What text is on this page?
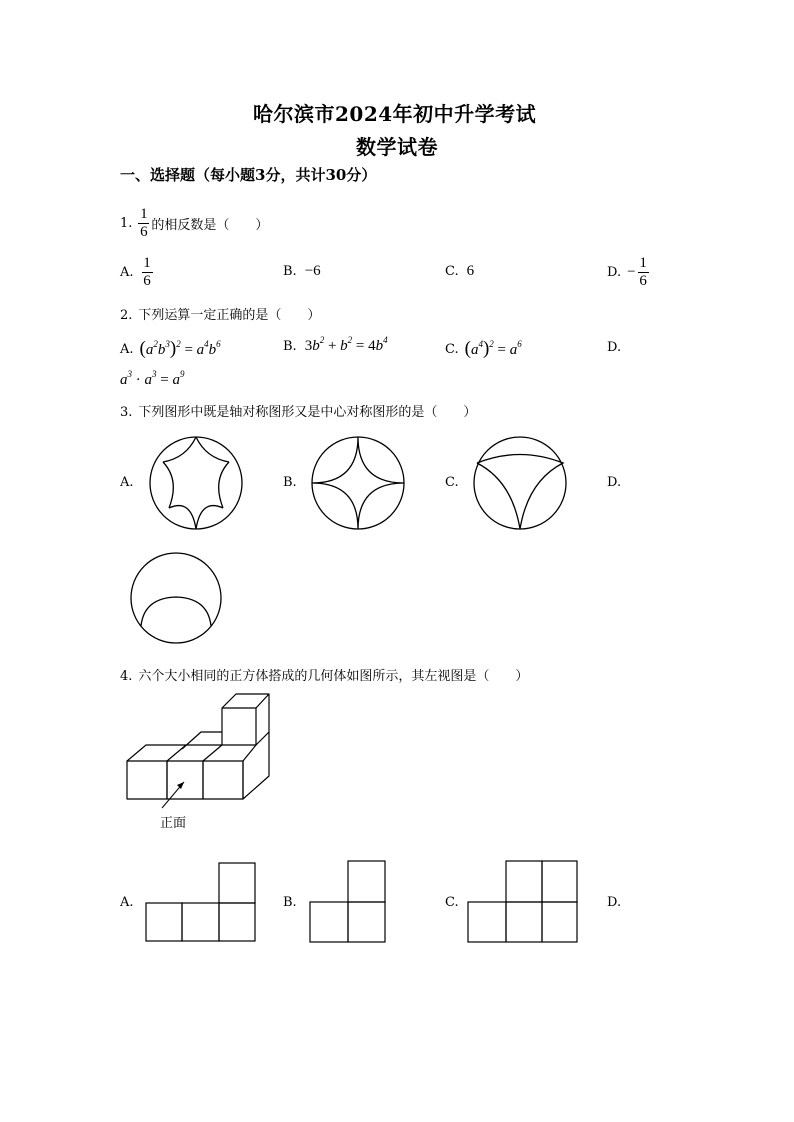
哈尔滨市2024年初中升学考试
数学试卷
一、选择题（每小题3分，共计30分）
1. $\frac{1}{6}$ 的相反数是（　　）
A. $\frac{1}{6}$	B. −6	C. 6	D. − $\frac{1}{6}$
2. 下列运算一定正确的是（　　）
A. $(a^2b^3)^2 = a^4b^6$	B. $3b^2 + b^2 = 4b^4$
C. $(a^4)^2 = a^6$	D.
$a^3 \cdot a^3 = a^9$
3. 下列图形中既是轴对称图形又是中心对称图形的是（　　）
A.	B.	C.	D.
4. 六个大小相同的正方体搭成的几何体如图所示，其左视图是（　　）
正面
A.	B.	C.	D.
